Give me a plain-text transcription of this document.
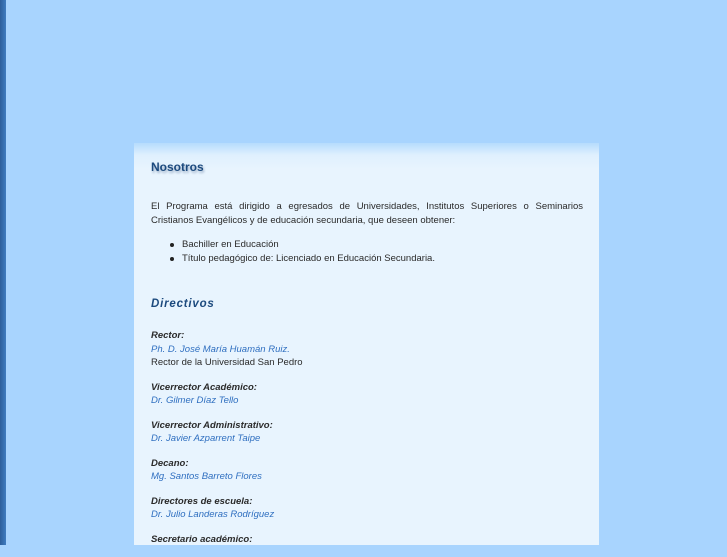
Nosotros

El Programa está dirigido a egresados de Universidades, Institutos Superiores o Seminarios Cristianos Evangélicos y de educación secundaria, que deseen obtener:

Bachiller en Educación
Título pedagógico de: Licenciado en Educación Secundaria.
Directivos
Rector:
Ph. D. José María Huamán Ruiz.
Rector de la Universidad San Pedro
Vicerrector Académico:
Dr. Gilmer Díaz Tello
Vicerrector Administrativo:
Dr. Javier Azparrent Taipe
Decano:
Mg. Santos Barreto Flores
Directores de escuela:
Dr. Julio Landeras Rodríguez
Secretario académico:
